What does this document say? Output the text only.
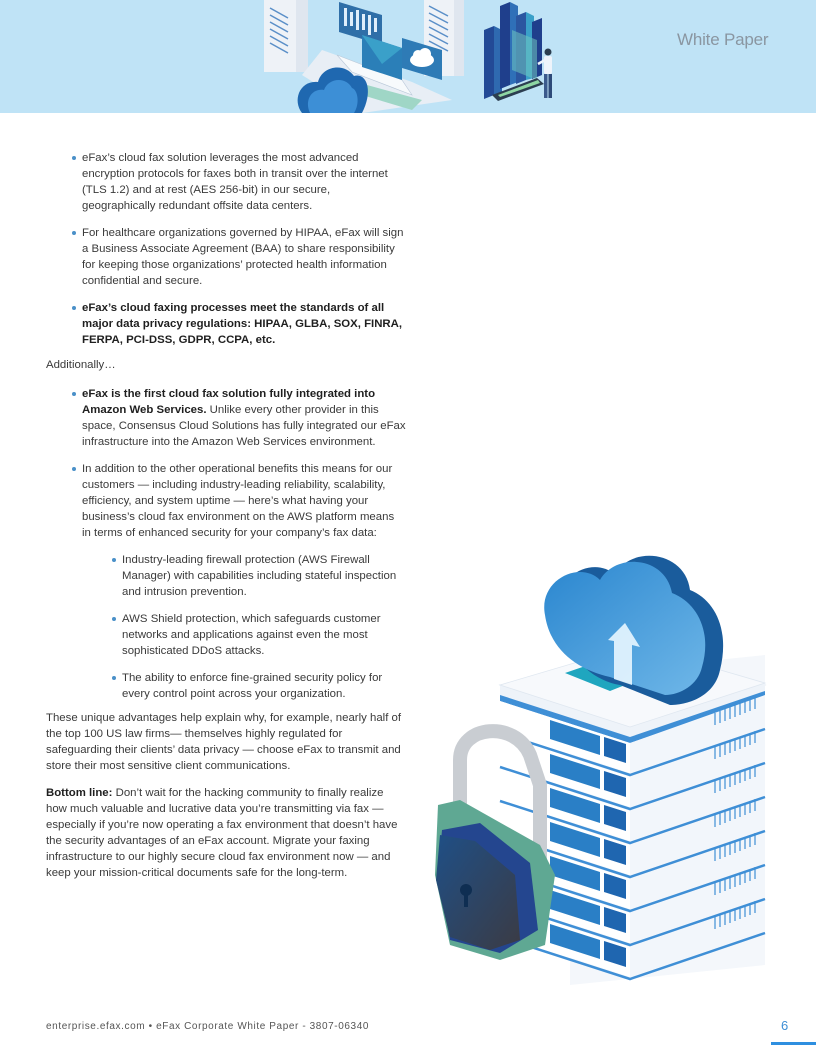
White Paper
eFax’s cloud fax solution leverages the most advanced encryption protocols for faxes both in transit over the internet (TLS 1.2) and at rest (AES 256-bit) in our secure, geographically redundant offsite data centers.
For healthcare organizations governed by HIPAA, eFax will sign a Business Associate Agreement (BAA) to share responsibility for keeping those organizations’ protected health information confidential and secure.
eFax’s cloud faxing processes meet the standards of all major data privacy regulations: HIPAA, GLBA, SOX, FINRA, FERPA, PCI-DSS, GDPR, CCPA, etc.
Additionally…
eFax is the first cloud fax solution fully integrated into Amazon Web Services. Unlike every other provider in this space, Consensus Cloud Solutions has fully integrated our eFax infrastructure into the Amazon Web Services environment.
In addition to the other operational benefits this means for our customers — including industry-leading reliability, scalability, efficiency, and system uptime — here’s what having your business’s cloud fax environment on the AWS platform means in terms of enhanced security for your company’s fax data:
Industry-leading firewall protection (AWS Firewall Manager) with capabilities including stateful inspection and intrusion prevention.
AWS Shield protection, which safeguards customer networks and applications against even the most sophisticated DDoS attacks.
The ability to enforce fine-grained security policy for every control point across your organization.

These unique advantages help explain why, for example, nearly half of the top 100 US law firms— themselves highly regulated for safeguarding their clients’ data privacy — choose eFax to transmit and store their most sensitive client communications.

Bottom line: Don’t wait for the hacking community to finally realize how much valuable and lucrative data you’re transmitting via fax — especially if you’re now operating a fax environment that doesn’t have the security advantages of an eFax account. Migrate your faxing infrastructure to our highly secure cloud fax environment now — and keep your mission-critical documents safe for the long-term.

enterprise.efax.com • eFax Corporate White Paper - 3807-06340	6
